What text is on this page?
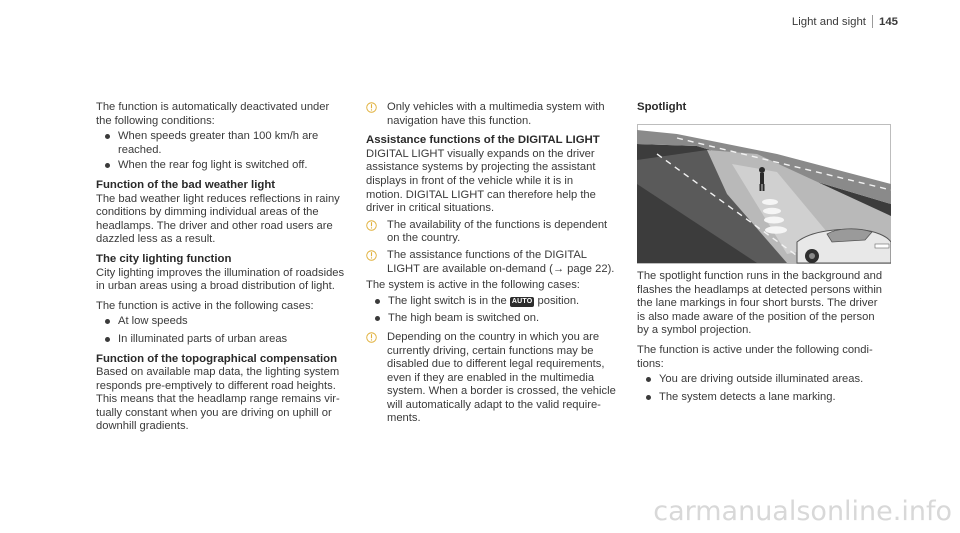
Light and sight 145

The function is automatically deactivated under

the following conditions:

When speeds greater than 100 km/h are
reached.
When the rear fog light is switched off.
Function of the bad weather light

The bad weather light reduces reflections in rainy

conditions by dimming individual areas of the

headlamps. The driver and other road users are

dazzled less as a result.

The city lighting function

City lighting improves the illumination of roadsides

in urban areas using a broad distribution of light.

The function is active in the following cases:

At low speeds
In illuminated parts of urban areas
Function of the topographical compensation

Based on available map data, the lighting system

responds pre-emptively to different road heights.

This means that the headlamp range remains vir-

tually constant when you are driving on uphill or

downhill gradients.

Only vehicles with a multimedia system with
navigation have this function.
Assistance functions of the DIGITAL LIGHT

DIGITAL LIGHT visually expands on the driver

assistance systems by projecting the assistant

displays in front of the vehicle while it is in

motion. DIGITAL LIGHT can therefore help the

driver in critical situations.

The availability of the functions is dependent
on the country.
The assistance functions of the DIGITAL
LIGHT are available on-demand (→ page 22).

The system is active in the following cases:

The light switch is in the AUTO position.
The high beam is switched on.
Depending on the country in which you are
currently driving, certain functions may be
disabled due to different legal requirements,
even if they are enabled in the multimedia
system. When a border is crossed, the vehicle
will automatically adapt to the valid require-
ments.
Spotlight

The spotlight function runs in the background and

flashes the headlamps at detected persons within

the lane markings in four short bursts. The driver

is also made aware of the position of the person

by a symbol projection.

The function is active under the following condi-

tions:

You are driving outside illuminated areas.
The system detects a lane marking.
carmanualsonline.info
